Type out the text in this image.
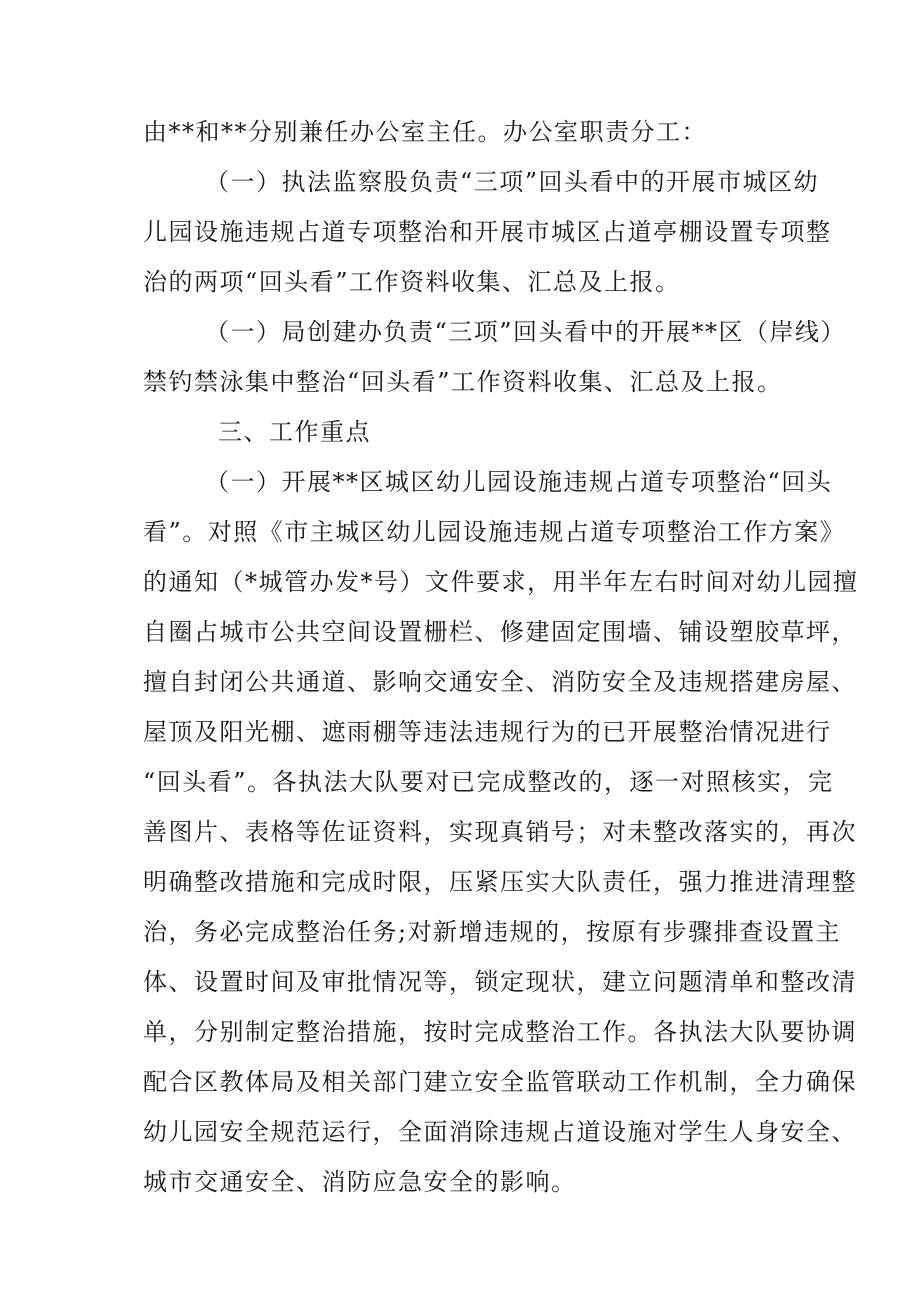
由**和**分别兼任办公室主任。办公室职责分工：
（一）执法监察股负责“三项”回头看中的开展市城区幼
儿园设施违规占道专项整治和开展市城区占道亭棚设置专项整
治的两项“回头看”工作资料收集、汇总及上报。
（一）局创建办负责“三项”回头看中的开展**区（岸线）
禁钓禁泳集中整治“回头看”工作资料收集、汇总及上报。
三、工作重点
（一）开展**区城区幼儿园设施违规占道专项整治“回头
看”。对照《市主城区幼儿园设施违规占道专项整治工作方案》
的通知（*城管办发*号）文件要求，用半年左右时间对幼儿园擅
自圈占城市公共空间设置栅栏、修建固定围墙、铺设塑胶草坪，
擅自封闭公共通道、影响交通安全、消防安全及违规搭建房屋、
屋顶及阳光棚、遮雨棚等违法违规行为的已开展整治情况进行
“回头看”。各执法大队要对已完成整改的，逐一对照核实，完
善图片、表格等佐证资料，实现真销号；对未整改落实的，再次
明确整改措施和完成时限，压紧压实大队责任，强力推进清理整
治，务必完成整治任务;对新增违规的，按原有步骤排查设置主
体、设置时间及审批情况等，锁定现状，建立问题清单和整改清
单，分别制定整治措施，按时完成整治工作。各执法大队要协调
配合区教体局及相关部门建立安全监管联动工作机制，全力确保
幼儿园安全规范运行，全面消除违规占道设施对学生人身安全、
城市交通安全、消防应急安全的影响。
